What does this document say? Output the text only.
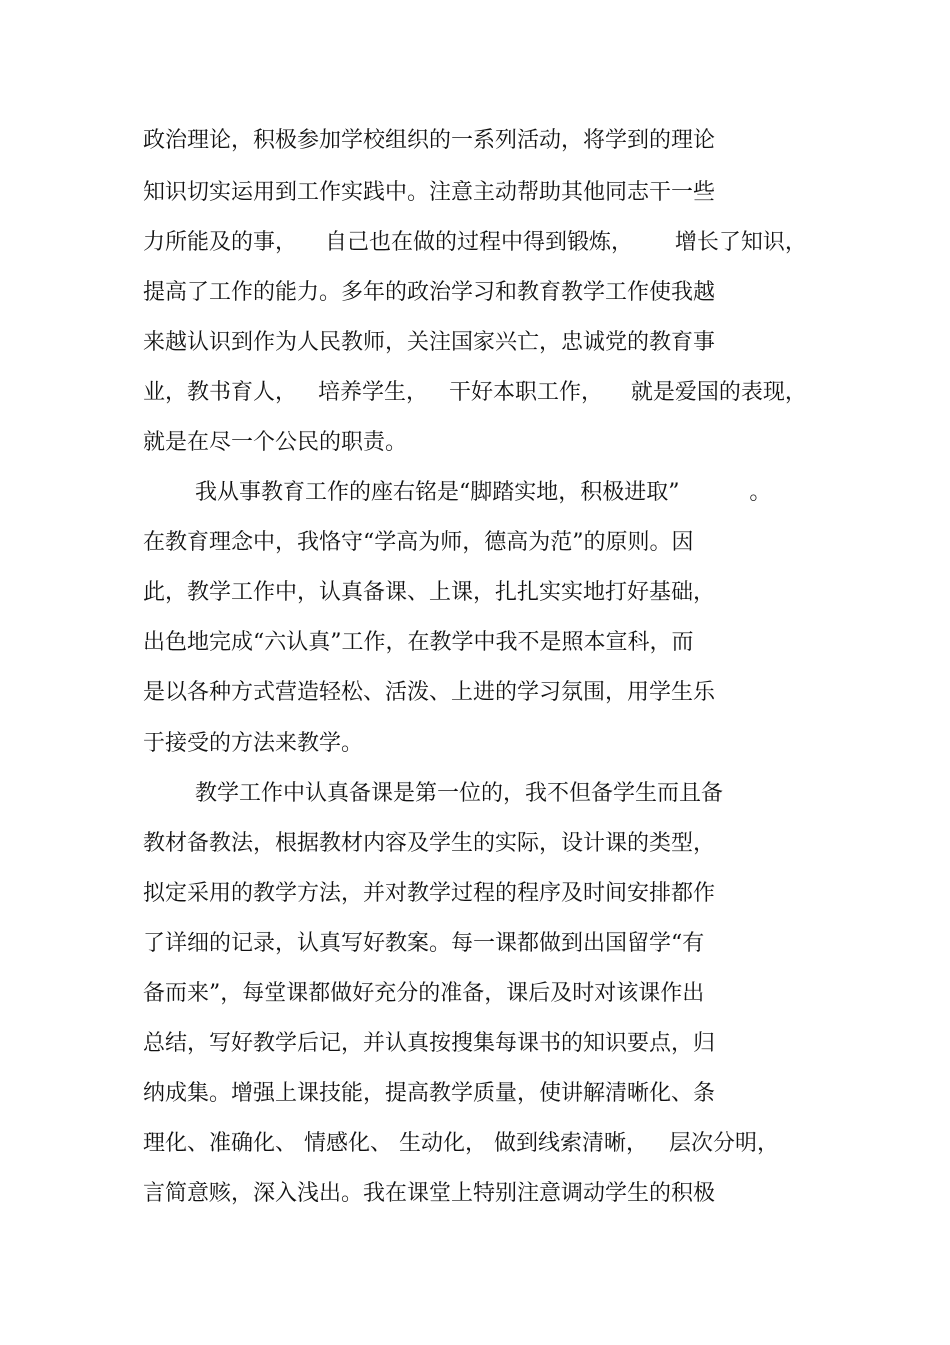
政治理论，积极参加学校组织的一系列活动，将学到的理论

知识切实运用到工作实践中。注意主动帮助其他同志干一些

力所能及的事，    自己也在做的过程中得到锻炼，      增长了知识，

提高了工作的能力。多年的政治学习和教育教学工作使我越

来越认识到作为人民教师，关注国家兴亡，忠诚党的教育事

业，教书育人，   培养学生，   干好本职工作，    就是爱国的表现，

就是在尽一个公民的职责。

我从事教育工作的座右铭是“脚踏实地，积极进取”          。

在教育理念中，我恪守“学高为师，德高为范”的原则。因

此，教学工作中，认真备课、上课，扎扎实实地打好基础，

出色地完成“六认真”工作，在教学中我不是照本宣科，而

是以各种方式营造轻松、活泼、上进的学习氛围，用学生乐

于接受的方法来教学。

教学工作中认真备课是第一位的，我不但备学生而且备

教材备教法，根据教材内容及学生的实际，设计课的类型，

拟定采用的教学方法，并对教学过程的程序及时间安排都作

了详细的记录，认真写好教案。每一课都做到出国留学“有

备而来”，每堂课都做好充分的准备，课后及时对该课作出

总结，写好教学后记，并认真按搜集每课书的知识要点，归

纳成集。增强上课技能，提高教学质量，使讲解清晰化、条

理化、准确化、 情感化、 生动化， 做到线索清晰，   层次分明，

言简意赅，深入浅出。我在课堂上特别注意调动学生的积极
